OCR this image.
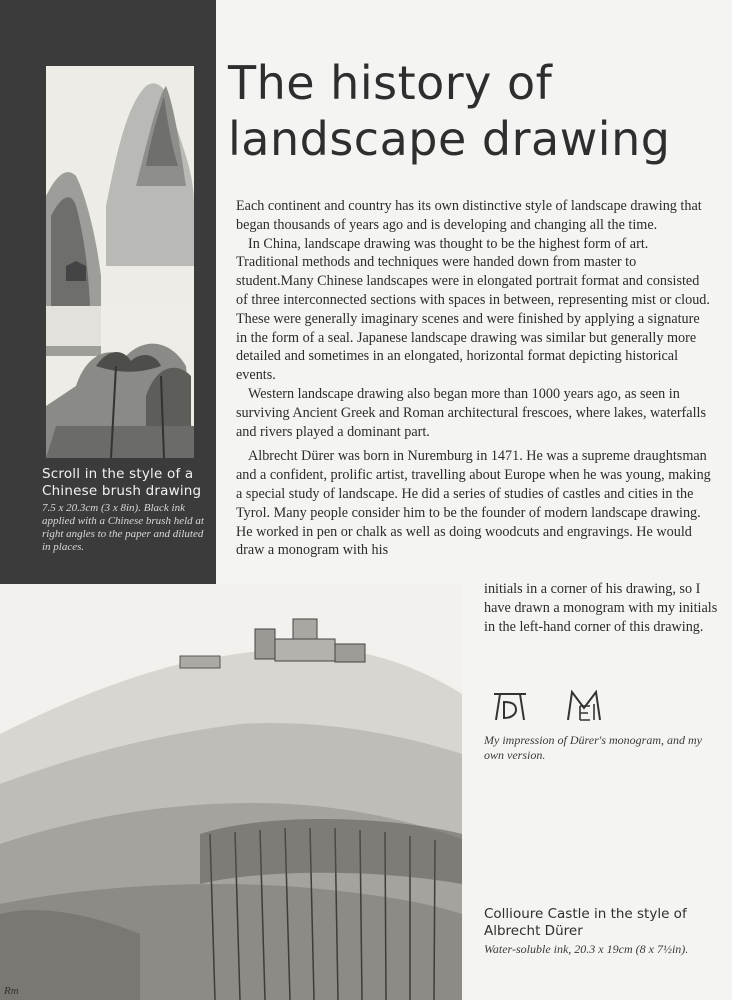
Scroll in the style of a Chinese brush drawing
7.5 x 20.3cm (3 x 8in). Black ink applied with a Chinese brush held at right angles to the paper and diluted in places.
The history of
landscape drawing

Each continent and country has its own distinctive style of landscape drawing that began thousands of years ago and is developing and changing all the time.

In China, landscape drawing was thought to be the highest form of art. Traditional methods and techniques were handed down from master to student.Many Chinese landscapes were in elongated portrait format and consisted of three interconnected sections with spaces in between, representing mist or cloud. These were generally imaginary scenes and were finished by applying a signature in the form of a seal. Japanese landscape drawing was similar but generally more detailed and sometimes in an elongated, horizontal format depicting historical events.

Western landscape drawing also began more than 1000 years ago, as seen in surviving Ancient Greek and Roman architectural frescoes, where lakes, waterfalls and rivers played a dominant part.

Albrecht Dürer was born in Nuremburg in 1471. He was a supreme draughtsman and a confident, prolific artist, travelling about Europe when he was young, making a special study of landscape. He did a series of studies of castles and cities in the Tyrol. Many people consider him to be the founder of modern landscape drawing. He worked in pen or chalk as well as doing woodcuts and engravings. He would draw a monogram with his

initials in a corner of his drawing, so I have drawn a monogram with my initials in the left-hand corner of this drawing.
Rm
My impression of Dürer's monogram, and my own version.
Collioure Castle in the style of Albrecht Dürer
Water-soluble ink, 20.3 x 19cm (8 x 7½in).
